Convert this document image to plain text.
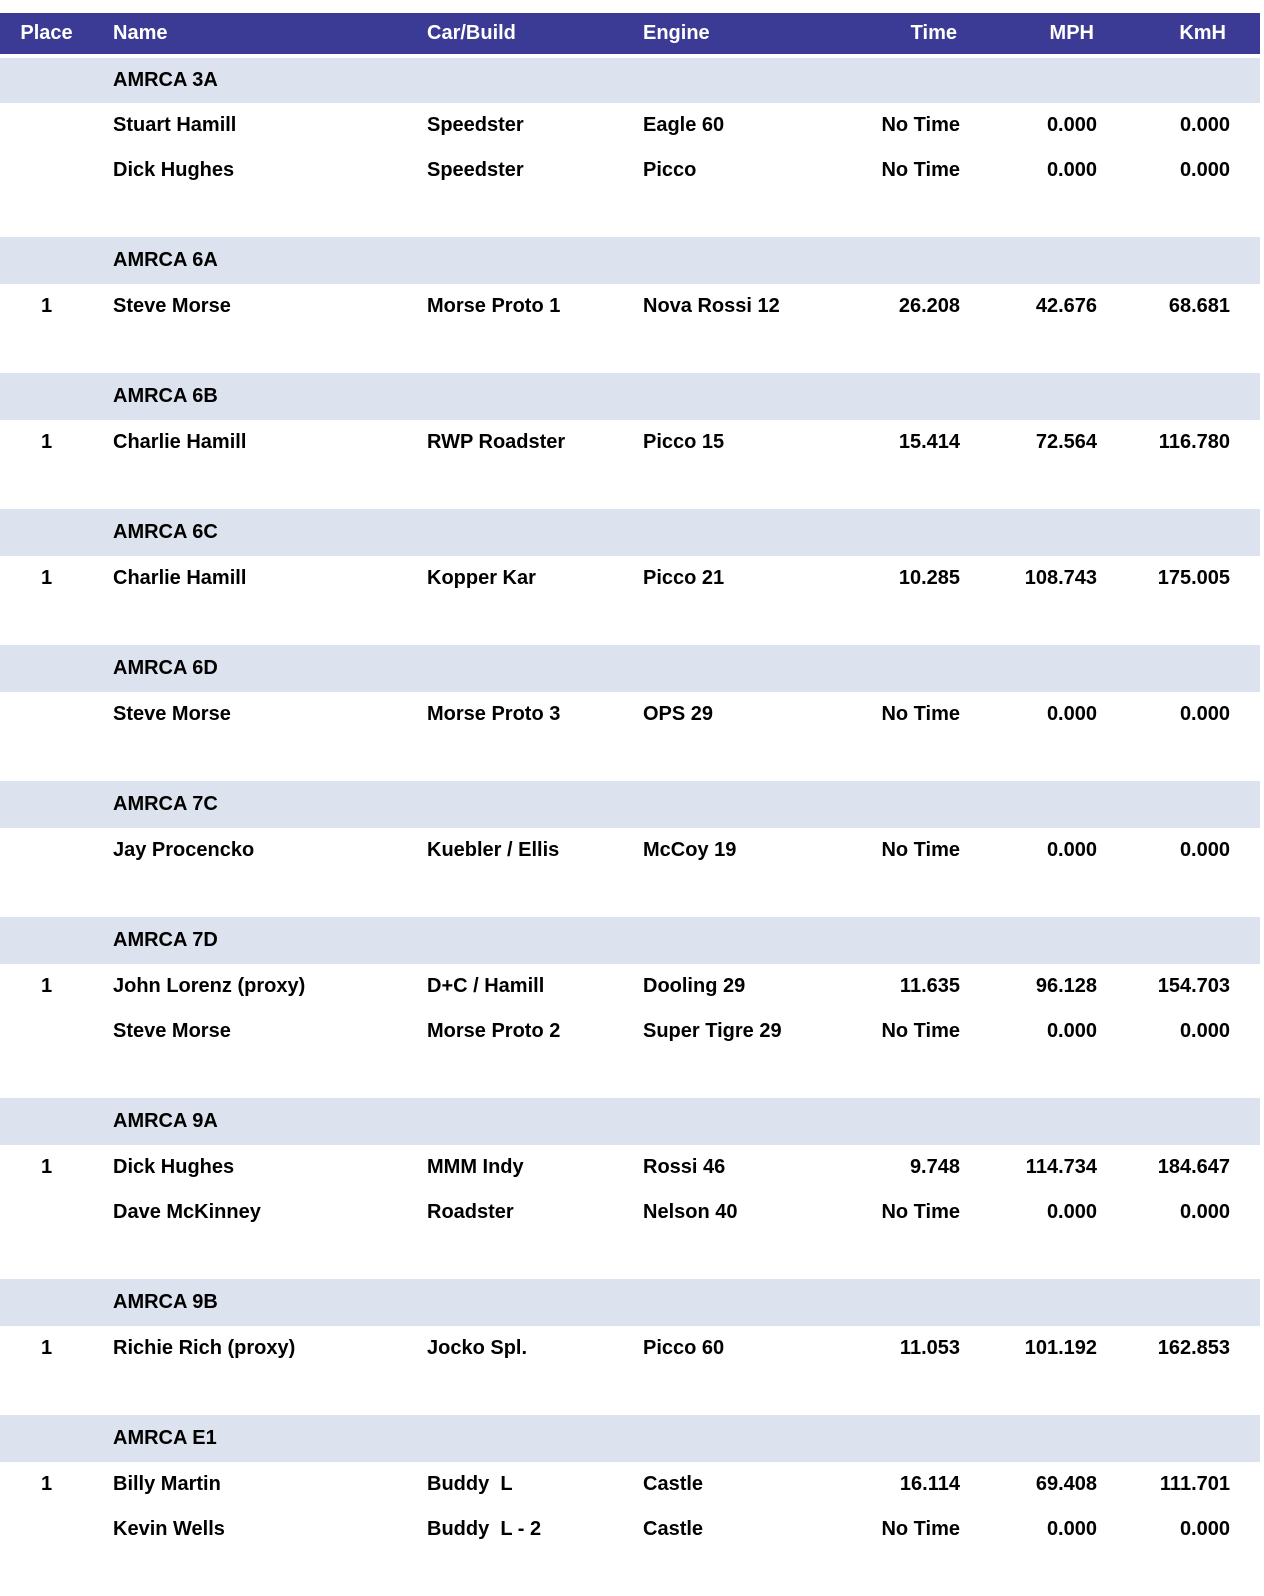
Place	Name	Car/Build	Engine	Time	MPH	KmH
AMRCA 3A						
	Stuart Hamill	Speedster	Eagle 60	No Time	0.000	0.000
	Dick Hughes	Speedster	Picco	No Time	0.000	0.000

AMRCA 6A						
1	Steve Morse	Morse Proto 1	Nova Rossi 12	26.208	42.676	68.681

AMRCA 6B						
1	Charlie Hamill	RWP Roadster	Picco 15	15.414	72.564	116.780

AMRCA 6C						
1	Charlie Hamill	Kopper Kar	Picco 21	10.285	108.743	175.005

AMRCA 6D						
	Steve Morse	Morse Proto 3	OPS 29	No Time	0.000	0.000

AMRCA 7C						
	Jay Procencko	Kuebler / Ellis	McCoy 19	No Time	0.000	0.000

AMRCA 7D						
1	John Lorenz (proxy)	D+C / Hamill	Dooling 29	11.635	96.128	154.703
	Steve Morse	Morse Proto 2	Super Tigre 29	No Time	0.000	0.000

AMRCA 9A						
1	Dick Hughes	MMM Indy	Rossi 46	9.748	114.734	184.647
	Dave McKinney	Roadster	Nelson 40	No Time	0.000	0.000

AMRCA 9B						
1	Richie Rich (proxy)	Jocko Spl.	Picco 60	11.053	101.192	162.853

AMRCA E1						
1	Billy Martin	Buddy  L	Castle	16.114	69.408	111.701
	Kevin Wells	Buddy  L - 2	Castle	No Time	0.000	0.000
